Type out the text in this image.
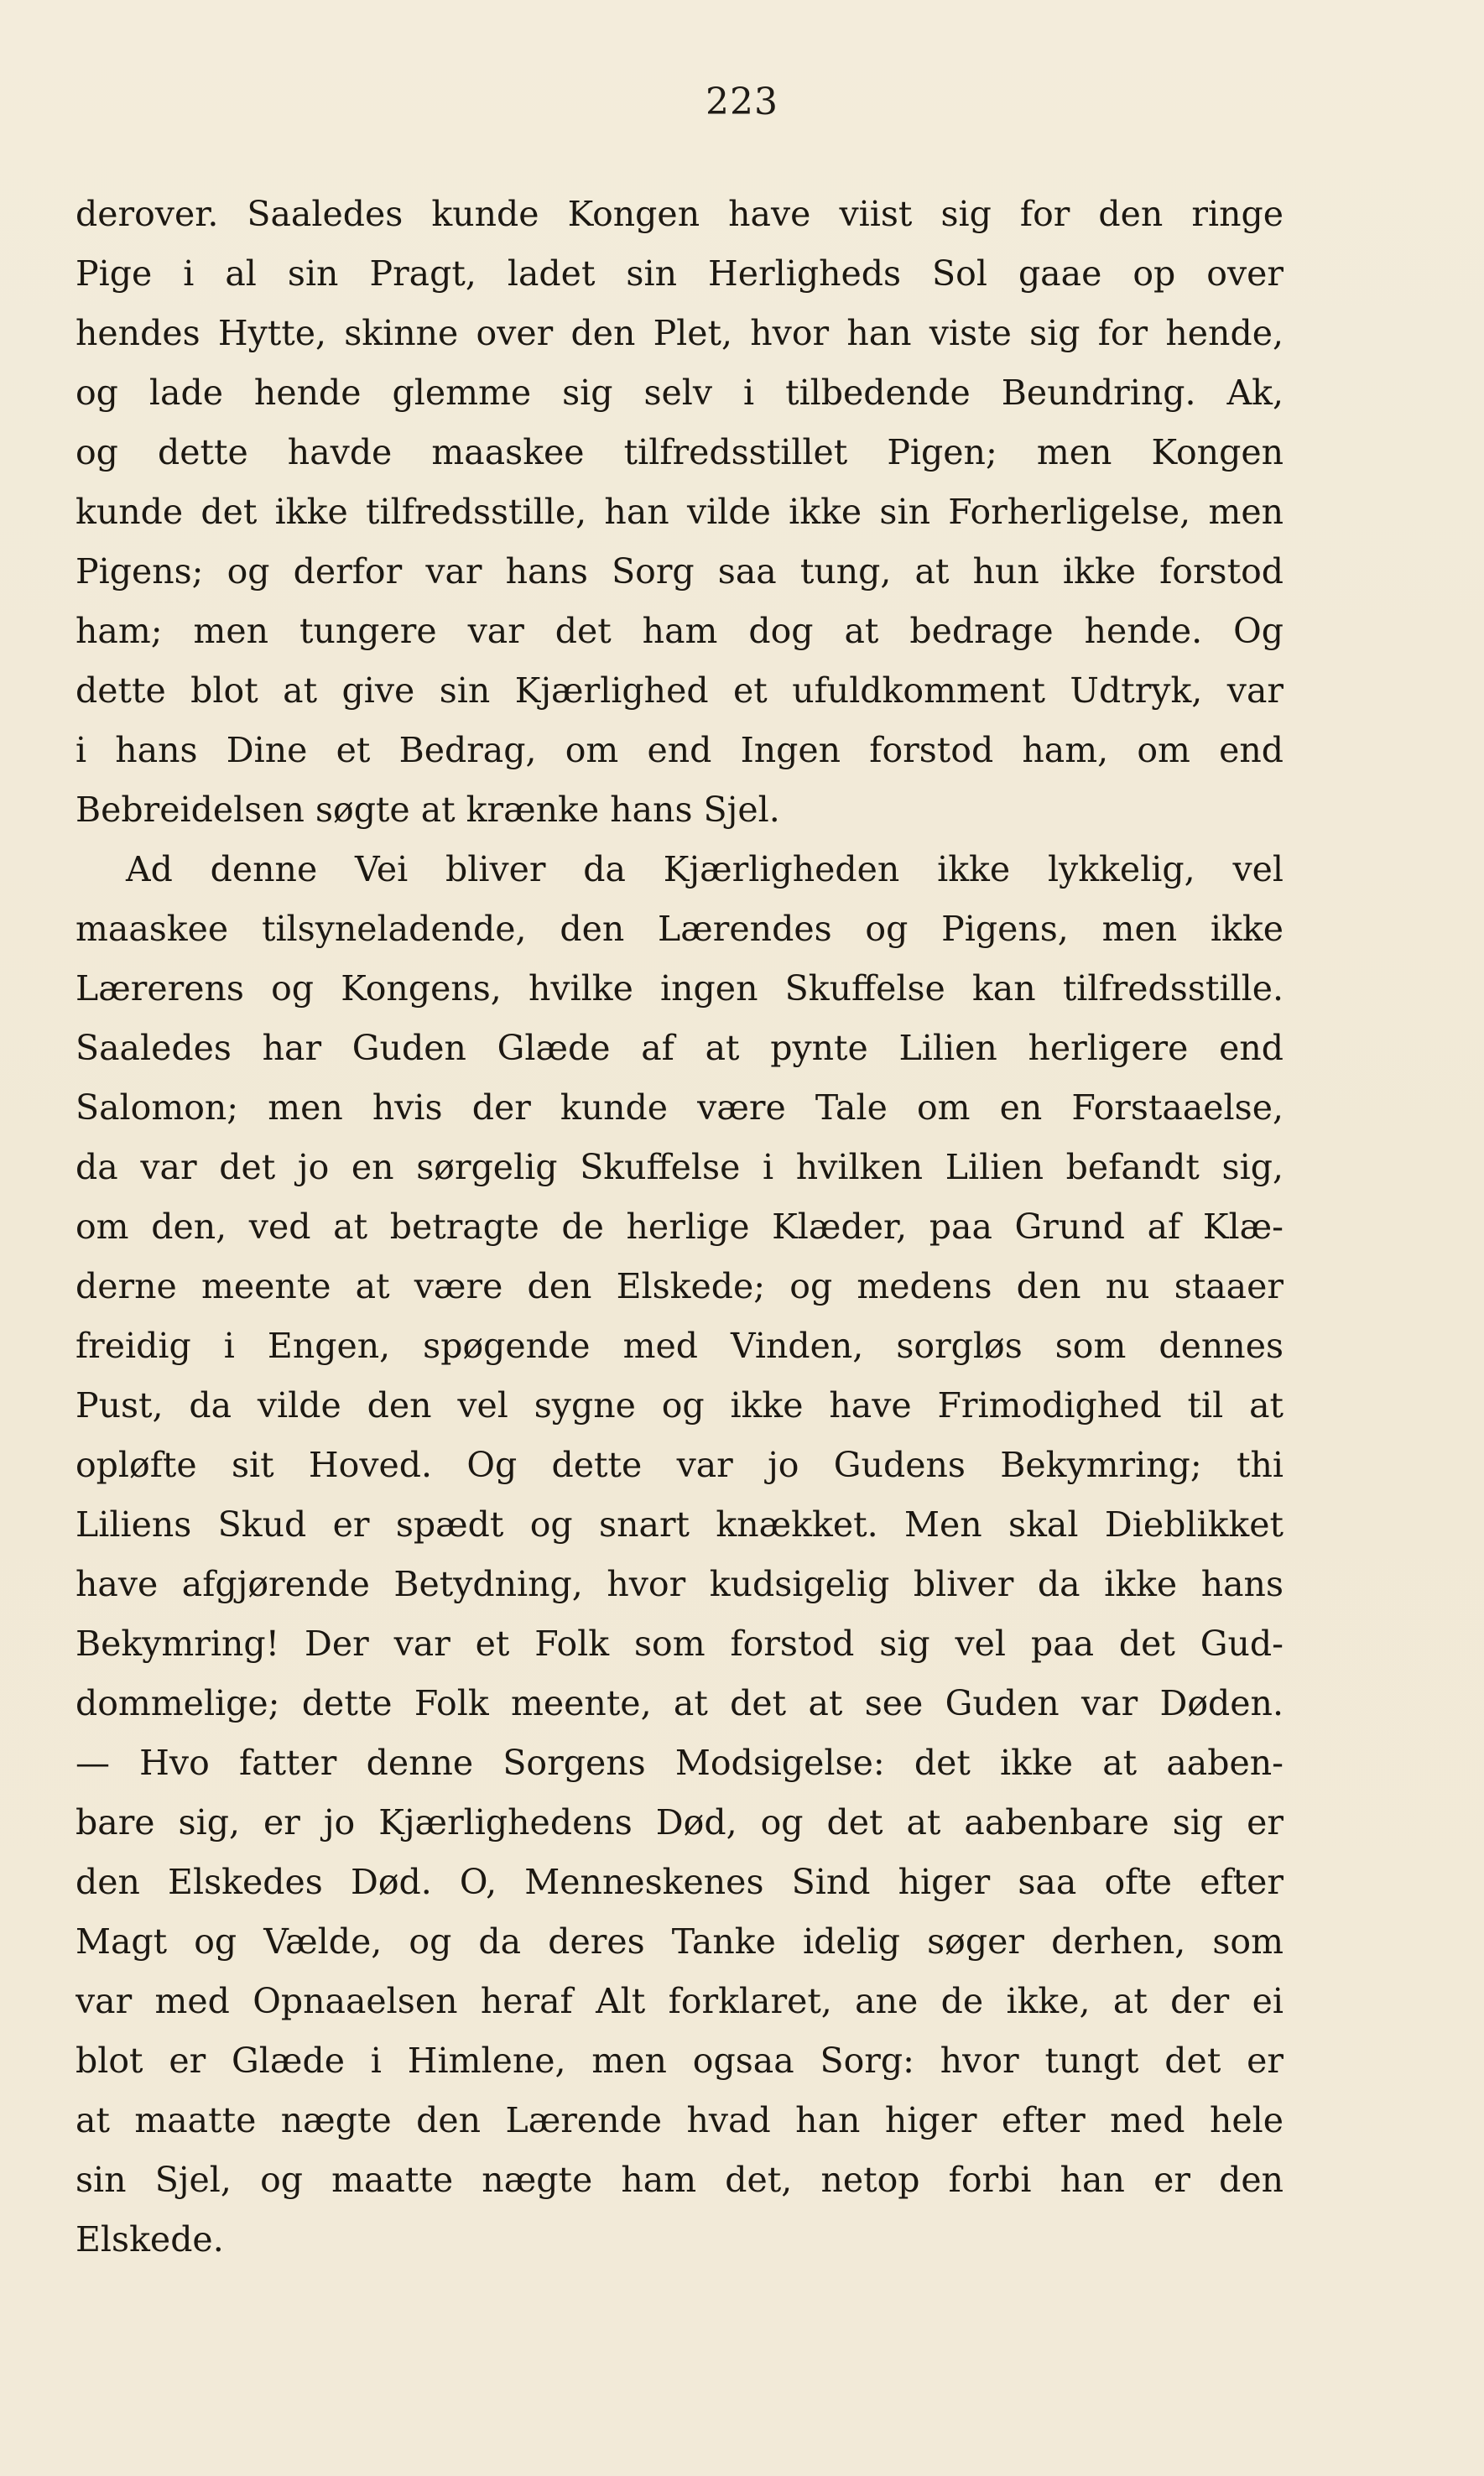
223
derover. Saaledes kunde Kongen have viist sig for den ringe
Pige i al sin Pragt, ladet sin Herligheds Sol gaae op over
hendes Hytte, skinne over den Plet, hvor han viste sig for hende,
og lade hende glemme sig selv i tilbedende Beundring. Ak,
og dette havde maaskee tilfredsstillet Pigen; men Kongen
kunde det ikke tilfredsstille, han vilde ikke sin Forherligelse, men
Pigens; og derfor var hans Sorg saa tung, at hun ikke forstod
ham; men tungere var det ham dog at bedrage hende. Og
dette blot at give sin Kjærlighed et ufuldkomment Udtryk, var
i hans Dine et Bedrag, om end Ingen forstod ham, om end
Bebreidelsen søgte at krænke hans Sjel.
Ad denne Vei bliver da Kjærligheden ikke lykkelig, vel
maaskee tilsyneladende, den Lærendes og Pigens, men ikke
Lærerens og Kongens, hvilke ingen Skuffelse kan tilfredsstille.
Saaledes har Guden Glæde af at pynte Lilien herligere end
Salomon; men hvis der kunde være Tale om en Forstaaelse,
da var det jo en sørgelig Skuffelse i hvilken Lilien befandt sig,
om den, ved at betragte de herlige Klæder, paa Grund af Klæ-
derne meente at være den Elskede; og medens den nu staaer
freidig i Engen, spøgende med Vinden, sorgløs som dennes
Pust, da vilde den vel sygne og ikke have Frimodighed til at
opløfte sit Hoved. Og dette var jo Gudens Bekymring; thi
Liliens Skud er spædt og snart knækket. Men skal Dieblikket
have afgjørende Betydning, hvor kudsigelig bliver da ikke hans
Bekymring! Der var et Folk som forstod sig vel paa det Gud-
dommelige; dette Folk meente, at det at see Guden var Døden.
— Hvo fatter denne Sorgens Modsigelse: det ikke at aaben-
bare sig, er jo Kjærlighedens Død, og det at aabenbare sig er
den Elskedes Død. O, Menneskenes Sind higer saa ofte efter
Magt og Vælde, og da deres Tanke idelig søger derhen, som
var med Opnaaelsen heraf Alt forklaret, ane de ikke, at der ei
blot er Glæde i Himlene, men ogsaa Sorg: hvor tungt det er
at maatte nægte den Lærende hvad han higer efter med hele
sin Sjel, og maatte nægte ham det, netop forbi han er den
Elskede.
